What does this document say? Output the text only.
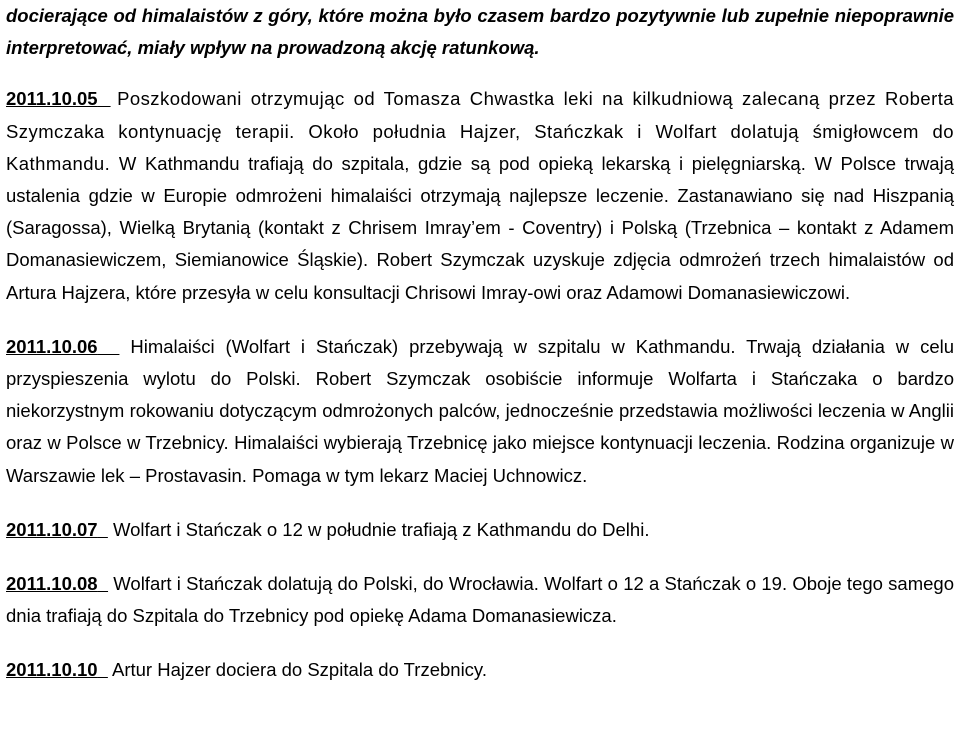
docierające od himalaistów z góry, które można było czasem bardzo pozytywnie lub zupełnie niepoprawnie interpretować, miały wpływ na prowadzoną akcję ratunkową.

2011.10.05 Poszkodowani otrzymując od Tomasza Chwastka leki na kilkudniową zalecaną przez Roberta Szymczaka kontynuację terapii. Około południa Hajzer, Stańczkak i Wolfart dolatują śmigłowcem do Kathmandu. W Kathmandu trafiają do szpitala, gdzie są pod opieką lekarską i pielęgniarską. W Polsce trwają ustalenia gdzie w Europie odmrożeni himalaiści otrzymają najlepsze leczenie. Zastanawiano się nad Hiszpanią (Saragossa), Wielką Brytanią (kontakt z Chrisem Imray’em - Coventry) i Polską (Trzebnica – kontakt z Adamem Domanasiewiczem, Siemianowice Śląskie). Robert Szymczak uzyskuje zdjęcia odmrożeń trzech himalaistów od Artura Hajzera, które przesyła w celu konsultacji Chrisowi Imray-owi oraz Adamowi Domanasiewiczowi.

2011.10.06 Himalaiści (Wolfart i Stańczak) przebywają w szpitalu w Kathmandu. Trwają działania w celu przyspieszenia wylotu do Polski. Robert Szymczak osobiście informuje Wolfarta i Stańczaka o bardzo niekorzystnym rokowaniu dotyczącym odmrożonych palców, jednocześnie przedstawia możliwości leczenia w Anglii oraz w Polsce w Trzebnicy. Himalaiści wybierają Trzebnicę jako miejsce kontynuacji leczenia. Rodzina organizuje w Warszawie lek – Prostavasin. Pomaga w tym lekarz Maciej Uchnowicz.

2011.10.07 Wolfart i Stańczak o 12 w południe trafiają z Kathmandu do Delhi.

2011.10.08 Wolfart i Stańczak dolatują do Polski, do Wrocławia. Wolfart o 12 a Stańczak o 19. Oboje tego samego dnia trafiają do Szpitala do Trzebnicy pod opiekę Adama Domanasiewicza.

2011.10.10 Artur Hajzer dociera do Szpitala do Trzebnicy.
